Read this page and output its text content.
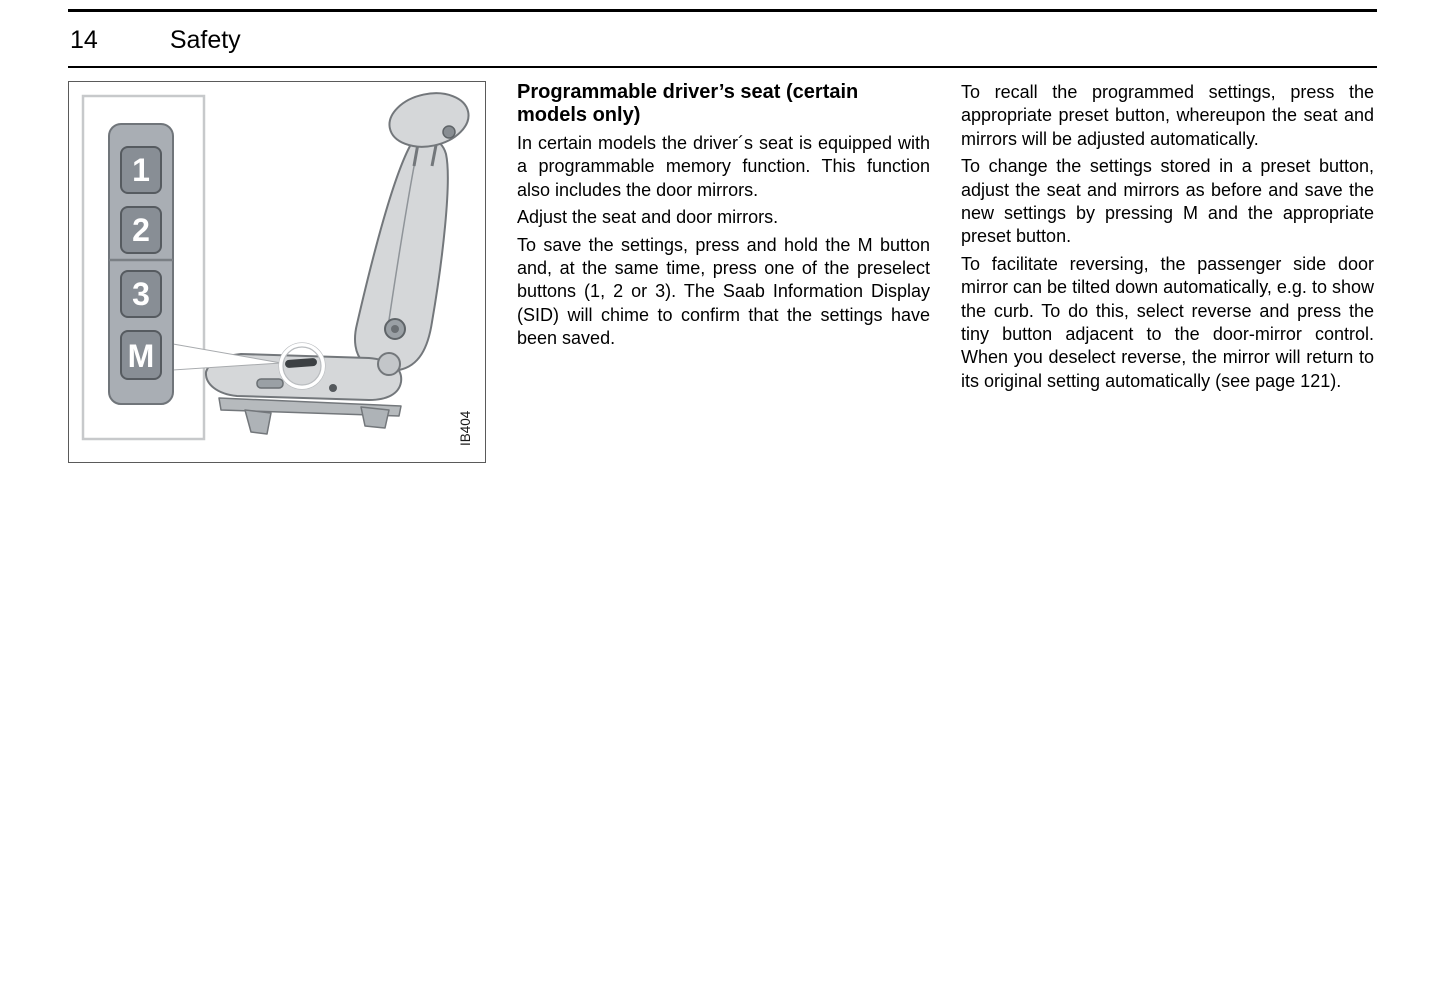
14	Safety
1
2
3
M
IB404
Programmable driver’s seat (certain models only)

In certain models the driver´s seat is equipped with a programmable memory function. This function also includes the door mirrors.

Adjust the seat and door mirrors.

To save the settings, press and hold the M button and, at the same time, press one of the preselect buttons (1, 2 or 3). The Saab Information Display (SID) will chime to confirm that the settings have been saved.

To recall the programmed settings, press the appropriate preset button, whereupon the seat and mirrors will be adjusted automatically.

To change the settings stored in a preset button, adjust the seat and mirrors as before and save the new settings by pressing M and the appropriate preset button.

To facilitate reversing, the passenger side door mirror can be tilted down automatically, e.g. to show the curb. To do this, select reverse and press the tiny button adjacent to the door-mirror control. When you deselect reverse, the mirror will return to its original setting automatically (see page 121).
